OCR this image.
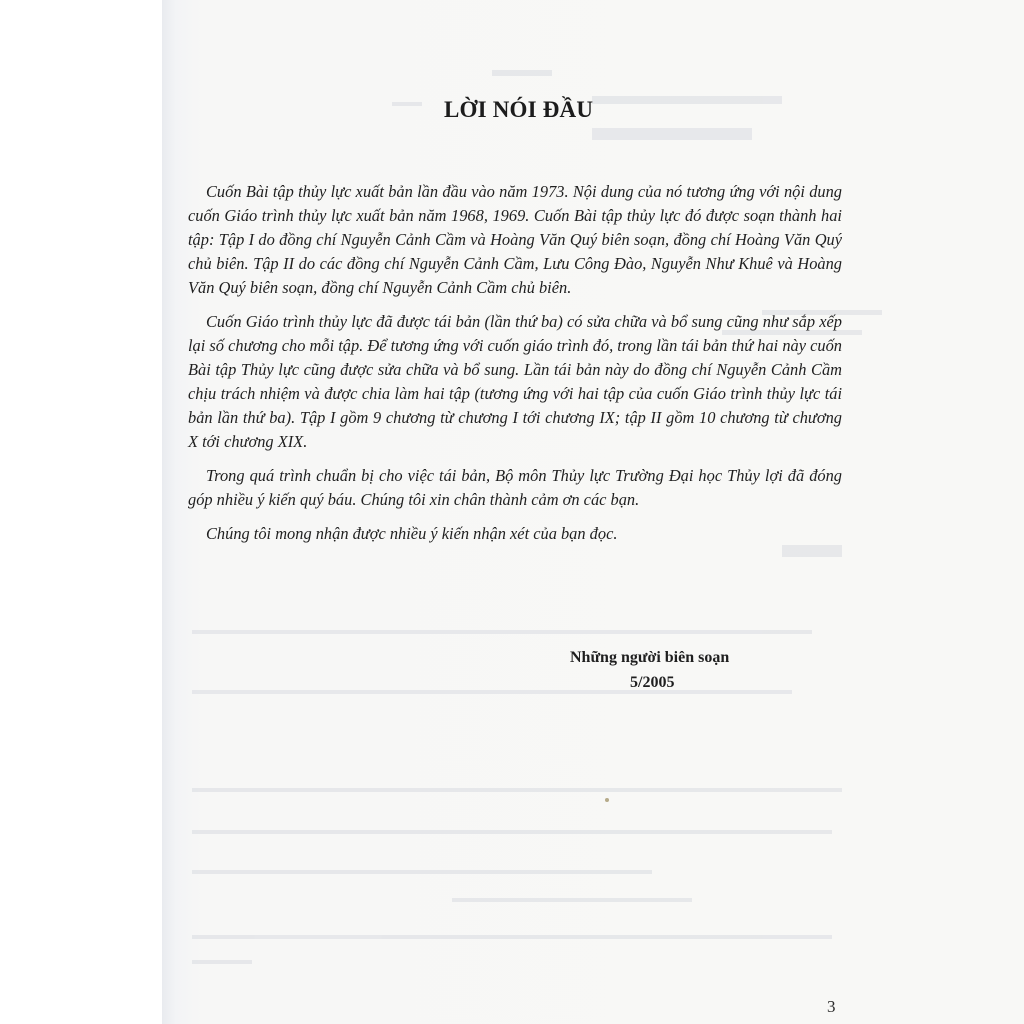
LỜI NÓI ĐẦU

Cuốn Bài tập thủy lực xuất bản lần đầu vào năm 1973. Nội dung của nó tương ứng với nội dung cuốn Giáo trình thủy lực xuất bản năm 1968, 1969. Cuốn Bài tập thủy lực đó được soạn thành hai tập: Tập I do đồng chí Nguyễn Cảnh Cầm và Hoàng Văn Quý biên soạn, đồng chí Hoàng Văn Quý chủ biên. Tập II do các đồng chí Nguyễn Cảnh Cầm, Lưu Công Đào, Nguyễn Như Khuê và Hoàng Văn Quý biên soạn, đồng chí Nguyễn Cảnh Cầm chủ biên.

Cuốn Giáo trình thủy lực đã được tái bản (lần thứ ba) có sửa chữa và bổ sung cũng như sắp xếp lại số chương cho mỗi tập. Để tương ứng với cuốn giáo trình đó, trong lần tái bản thứ hai này cuốn Bài tập Thủy lực cũng được sửa chữa và bổ sung. Lần tái bản này do đồng chí Nguyễn Cảnh Cầm chịu trách nhiệm và được chia làm hai tập (tương ứng với hai tập của cuốn Giáo trình thủy lực tái bản lần thứ ba). Tập I gồm 9 chương từ chương I tới chương IX; tập II gồm 10 chương từ chương X tới chương XIX.

Trong quá trình chuẩn bị cho việc tái bản, Bộ môn Thủy lực Trường Đại học Thủy lợi đã đóng góp nhiều ý kiến quý báu. Chúng tôi xin chân thành cảm ơn các bạn.

Chúng tôi mong nhận được nhiều ý kiến nhận xét của bạn đọc.

Những người biên soạn
5/2005
3
